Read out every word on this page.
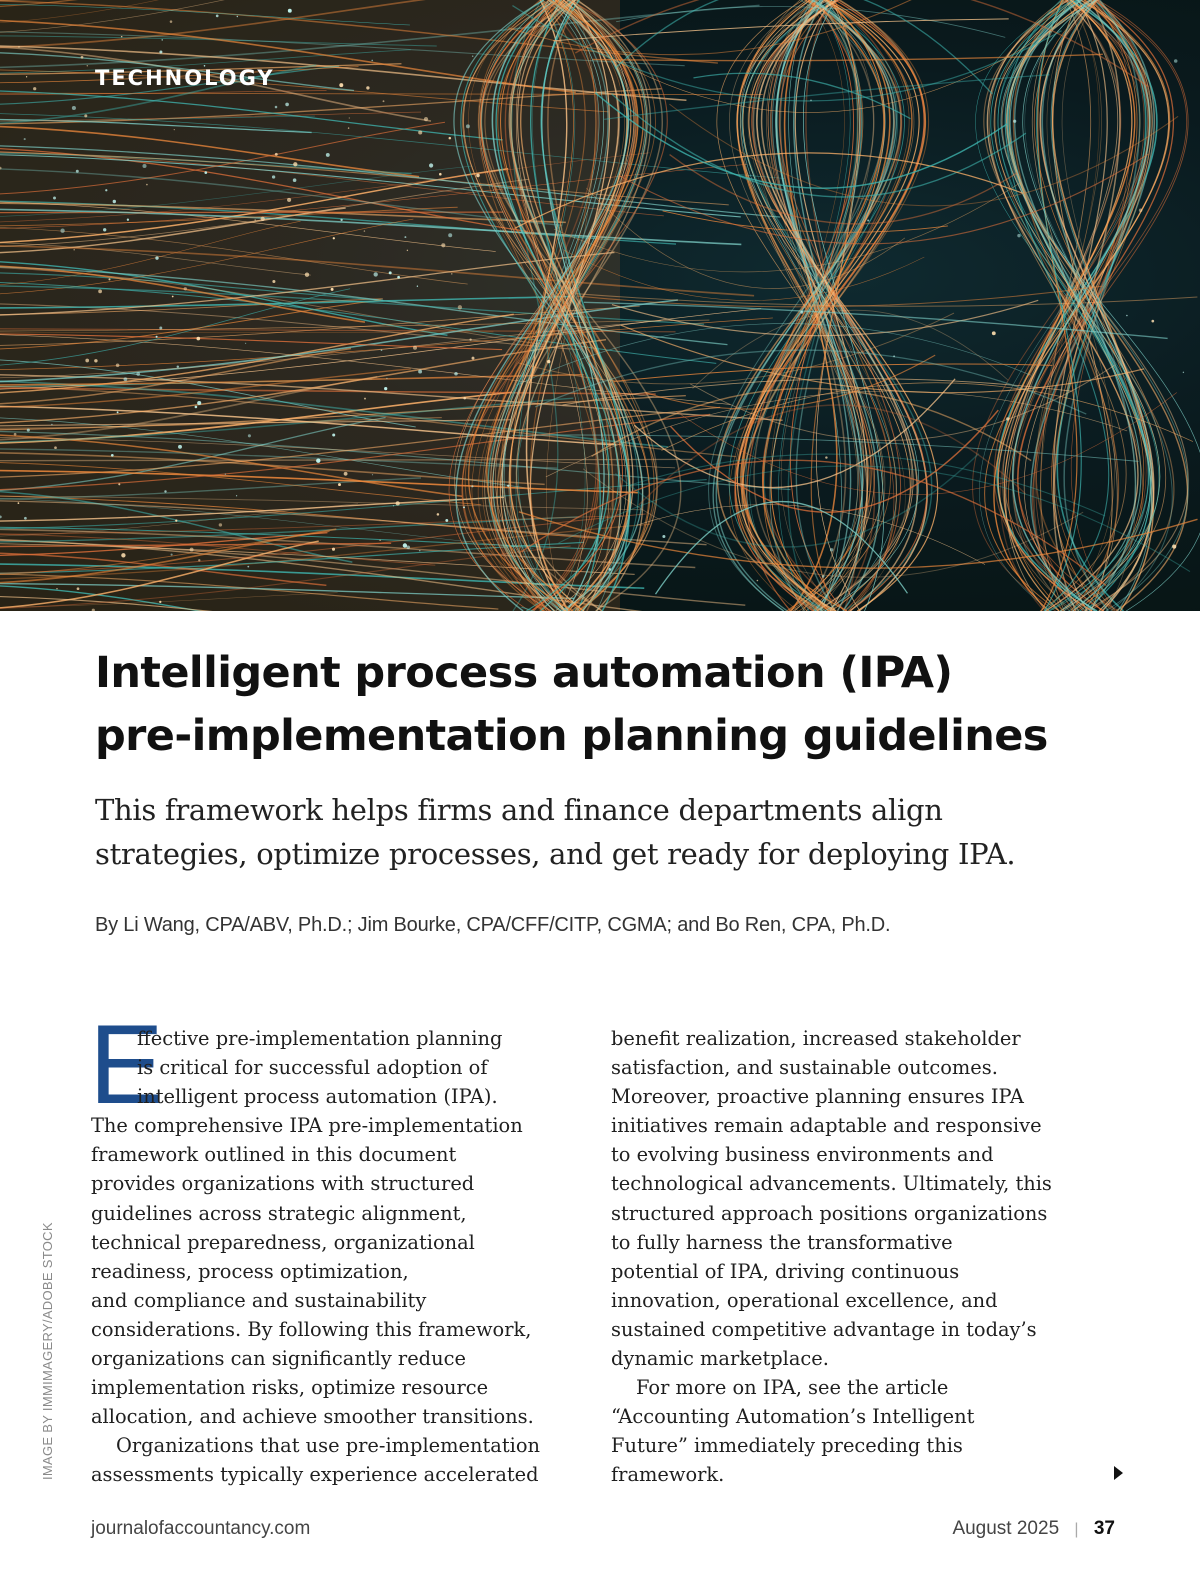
TECHNOLOGY

Intelligent process automation (IPA)
pre-implementation planning guidelines

This framework helps firms and finance departments align
strategies, optimize processes, and get ready for deploying IPA.

By Li Wang, CPA/ABV, Ph.D.; Jim Bourke, CPA/CFF/CITP, CGMA; and Bo Ren, CPA, Ph.D.

E
ffective pre-implementation planning
is critical for successful adoption of
intelligent process automation (IPA).
The comprehensive IPA pre-implementation
framework outlined in this document
provides organizations with structured
guidelines across strategic alignment,
technical preparedness, organizational
readiness, process optimization,
and compliance and sustainability
considerations. By following this framework,
organizations can significantly reduce
implementation risks, optimize resource
allocation, and achieve smoother transitions.
Organizations that use pre-implementation
assessments typically experience accelerated
benefit realization, increased stakeholder
satisfaction, and sustainable outcomes.
Moreover, proactive planning ensures IPA
initiatives remain adaptable and responsive
to evolving business environments and
technological advancements. Ultimately, this
structured approach positions organizations
to fully harness the transformative
potential of IPA, driving continuous
innovation, operational excellence, and
sustained competitive advantage in today’s
dynamic marketplace.
For more on IPA, see the article
“Accounting Automation’s Intelligent
Future” immediately preceding this
framework.
IMAGE BY IMMIMAGERY/ADOBE STOCK
journalofaccountancy.com	August 2025 | 37
